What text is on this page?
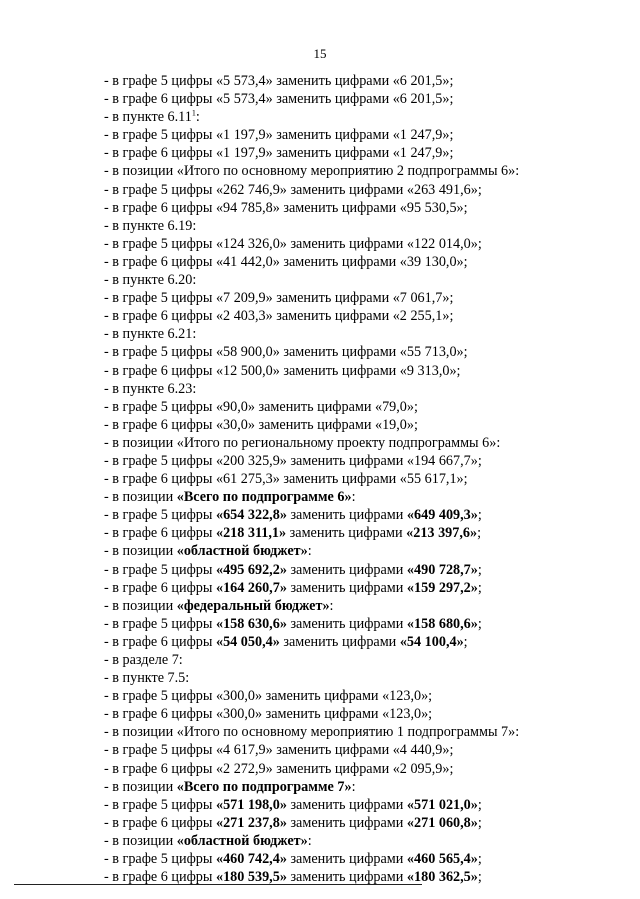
15
- в графе 5 цифры «5 573,4» заменить цифрами «6 201,5»;
- в графе 6 цифры «5 573,4» заменить цифрами «6 201,5»;
- в пункте 6.11$^1$:
- в графе 5 цифры «1 197,9» заменить цифрами «1 247,9»;
- в графе 6 цифры «1 197,9» заменить цифрами «1 247,9»;
- в позиции «Итого по основному мероприятию 2 подпрограммы 6»:
- в графе 5 цифры «262 746,9» заменить цифрами «263 491,6»;
- в графе 6 цифры «94 785,8» заменить цифрами «95 530,5»;
- в пункте 6.19:
- в графе 5 цифры «124 326,0» заменить цифрами «122 014,0»;
- в графе 6 цифры «41 442,0» заменить цифрами «39 130,0»;
- в пункте 6.20:
- в графе 5 цифры «7 209,9» заменить цифрами «7 061,7»;
- в графе 6 цифры «2 403,3» заменить цифрами «2 255,1»;
- в пункте 6.21:
- в графе 5 цифры «58 900,0» заменить цифрами «55 713,0»;
- в графе 6 цифры «12 500,0» заменить цифрами «9 313,0»;
- в пункте 6.23:
- в графе 5 цифры «90,0» заменить цифрами «79,0»;
- в графе 6 цифры «30,0» заменить цифрами «19,0»;
- в позиции «Итого по региональному проекту подпрограммы 6»:
- в графе 5 цифры «200 325,9» заменить цифрами «194 667,7»;
- в графе 6 цифры «61 275,3» заменить цифрами «55 617,1»;
- в позиции «Всего по подпрограмме 6»:
- в графе 5 цифры «654 322,8» заменить цифрами «649 409,3»;
- в графе 6 цифры «218 311,1» заменить цифрами «213 397,6»;
- в позиции «областной бюджет»:
- в графе 5 цифры «495 692,2» заменить цифрами «490 728,7»;
- в графе 6 цифры «164 260,7» заменить цифрами «159 297,2»;
- в позиции «федеральный бюджет»:
- в графе 5 цифры «158 630,6» заменить цифрами «158 680,6»;
- в графе 6 цифры «54 050,4» заменить цифрами «54 100,4»;
- в разделе 7:
- в пункте 7.5:
- в графе 5 цифры «300,0» заменить цифрами «123,0»;
- в графе 6 цифры «300,0» заменить цифрами «123,0»;
- в позиции «Итого по основному мероприятию 1 подпрограммы 7»:
- в графе 5 цифры «4 617,9» заменить цифрами «4 440,9»;
- в графе 6 цифры «2 272,9» заменить цифрами «2 095,9»;
- в позиции «Всего по подпрограмме 7»:
- в графе 5 цифры «571 198,0» заменить цифрами «571 021,0»;
- в графе 6 цифры «271 237,8» заменить цифрами «271 060,8»;
- в позиции «областной бюджет»:
- в графе 5 цифры «460 742,4» заменить цифрами «460 565,4»;
- в графе 6 цифры «180 539,5» заменить цифрами «180 362,5»;
